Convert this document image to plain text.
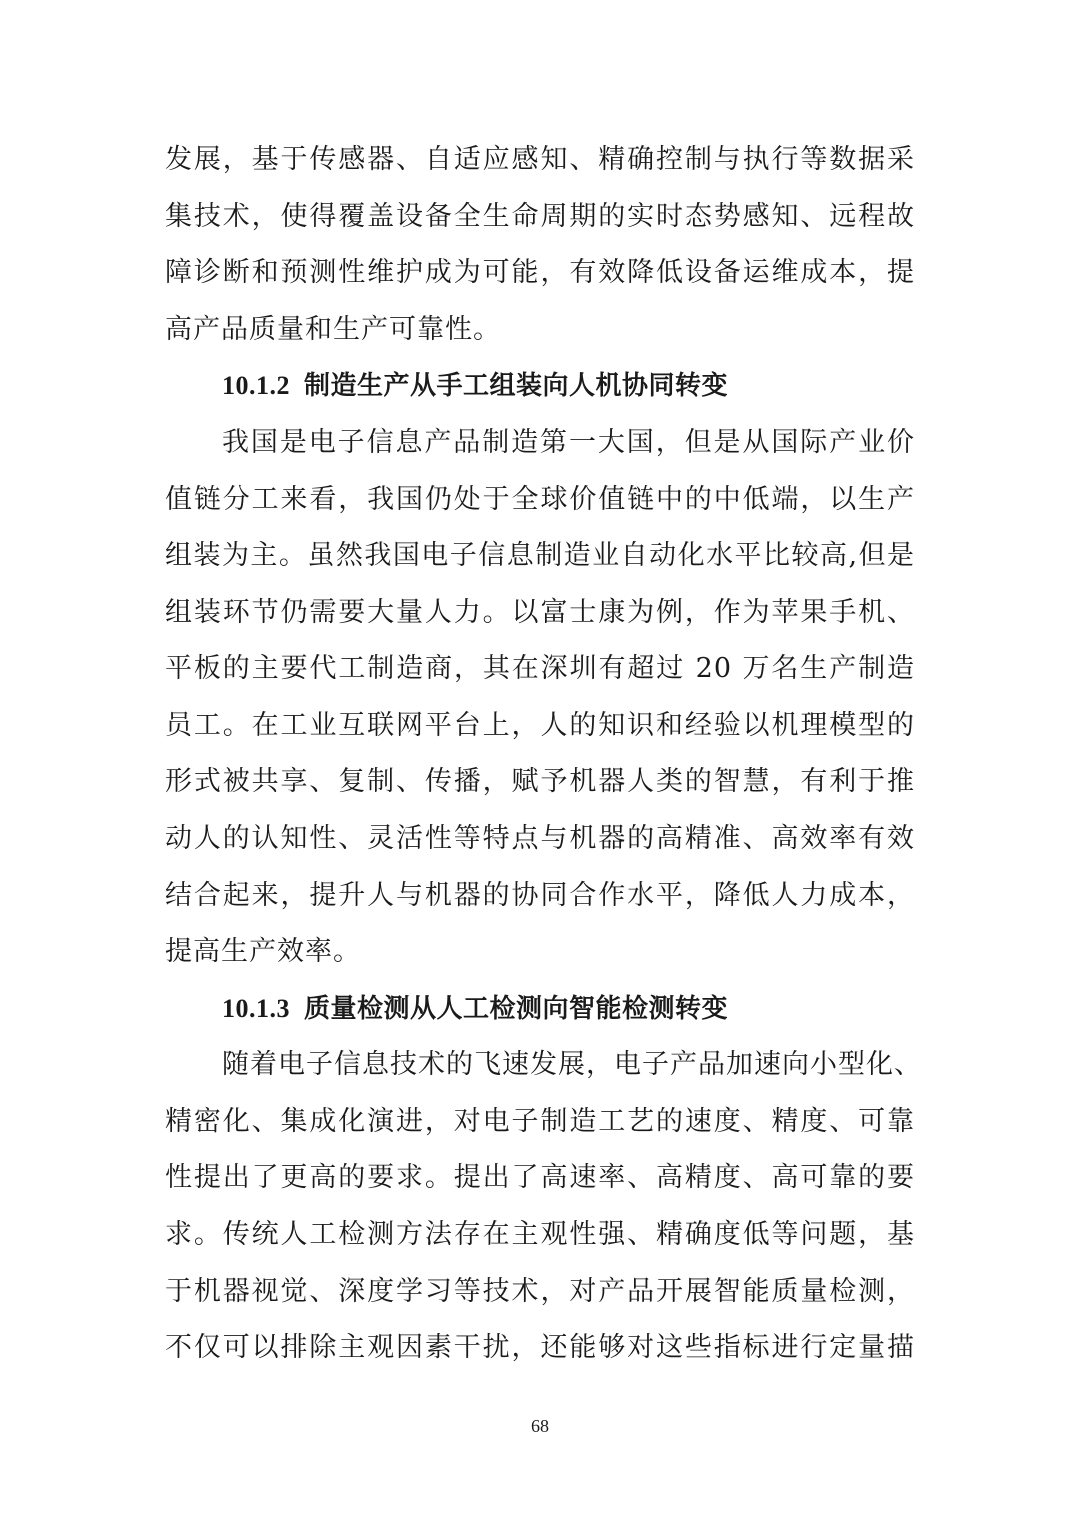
发展，基于传感器、自适应感知、精确控制与执行等数据采
集技术，使得覆盖设备全生命周期的实时态势感知、远程故
障诊断和预测性维护成为可能，有效降低设备运维成本，提
高产品质量和生产可靠性。
10.1.2 制造生产从手工组装向人机协同转变
我国是电子信息产品制造第一大国，但是从国际产业价
值链分工来看，我国仍处于全球价值链中的中低端，以生产
组装为主。虽然我国电子信息制造业自动化水平比较高,但是
组装环节仍需要大量人力。以富士康为例，作为苹果手机、
平板的主要代工制造商，其在深圳有超过 20 万名生产制造
员工。在工业互联网平台上，人的知识和经验以机理模型的
形式被共享、复制、传播，赋予机器人类的智慧，有利于推
动人的认知性、灵活性等特点与机器的高精准、高效率有效
结合起来，提升人与机器的协同合作水平，降低人力成本，
提高生产效率。
10.1.3 质量检测从人工检测向智能检测转变
随着电子信息技术的飞速发展，电子产品加速向小型化、
精密化、集成化演进，对电子制造工艺的速度、精度、可靠
性提出了更高的要求。提出了高速率、高精度、高可靠的要
求。传统人工检测方法存在主观性强、精确度低等问题，基
于机器视觉、深度学习等技术，对产品开展智能质量检测，
不仅可以排除主观因素干扰，还能够对这些指标进行定量描
68
